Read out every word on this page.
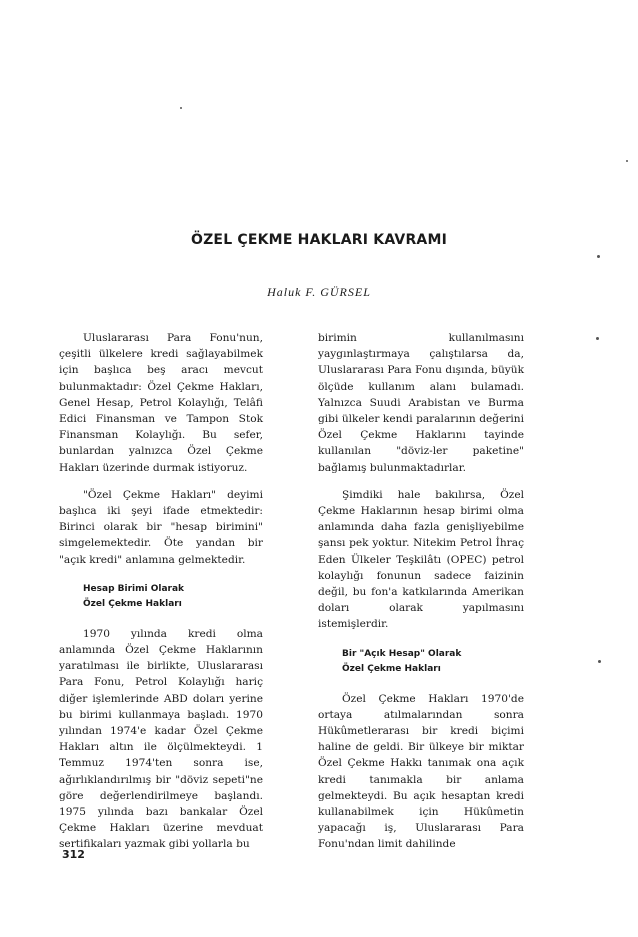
ÖZEL ÇEKME HAKLARI KAVRAMI
Haluk F. GÜRSEL

Uluslararası Para Fonu'nun, çeşitli ülkelere kredi sağlayabilmek için başlıca beş aracı mevcut bulunmaktadır: Özel Çekme Hakları, Genel Hesap, Petrol Kolaylığı, Telâfi Edici Finansman ve Tampon Stok Finansman Kolaylığı. Bu sefer, bunlardan yalnızca Özel Çekme Hakları üzerinde durmak istiyoruz.

"Özel Çekme Hakları" deyimi başlıca iki şeyi ifade etmektedir: Birinci olarak bir "hesap birimini" simgelemektedir. Öte yandan bir "açık kredi" anlamına gelmektedir.

Hesap Birimi Olarak
Özel Çekme Hakları

1970 yılında kredi olma anlamında Özel Çekme Haklarının yaratılması ile birlikte, Uluslararası Para Fonu, Petrol Kolaylığı hariç diğer işlemlerinde ABD doları yerine bu birimi kullanmaya başladı. 1970 yılından 1974'e kadar Özel Çekme Hakları altın ile ölçülmekteydi. 1 Temmuz 1974'ten sonra ise, ağırlıklandırılmış bir "döviz sepeti"ne göre değerlendirilmeye başlandı. 1975 yılında bazı bankalar Özel Çekme Hakları üzerine mevduat sertifikaları yazmak gibi yollarla bu

birimin kullanılmasını yaygınlaştırmaya çalıştılarsa da, Uluslararası Para Fonu dışında, büyük ölçüde kullanım alanı bulamadı. Yalnızca Suudi Arabistan ve Burma gibi ülkeler kendi paralarının değerini Özel Çekme Haklarını tayinde kullanılan "döviz-ler paketine" bağlamış bulunmaktadırlar.

Şimdiki hale bakılırsa, Özel Çekme Haklarının hesap birimi olma anlamında daha fazla genişliyebilme şansı pek yoktur. Nitekim Petrol İhraç Eden Ülkeler Teşkilâtı (OPEC) petrol kolaylığı fonunun sadece faizinin değil, bu fon'a katkılarında Amerikan doları olarak yapılmasını istemişlerdir.

Bir "Açık Hesap" Olarak
Özel Çekme Hakları

Özel Çekme Hakları 1970'de ortaya atılmalarından sonra Hükûmetlerarası bir kredi biçimi haline de geldi. Bir ülkeye bir miktar Özel Çekme Hakkı tanımak ona açık kredi tanımakla bir anlama gelmekteydi. Bu açık hesaptan kredi kullanabilmek için Hükûmetin yapacağı iş, Uluslararası Para Fonu'ndan limit dahilinde

312
